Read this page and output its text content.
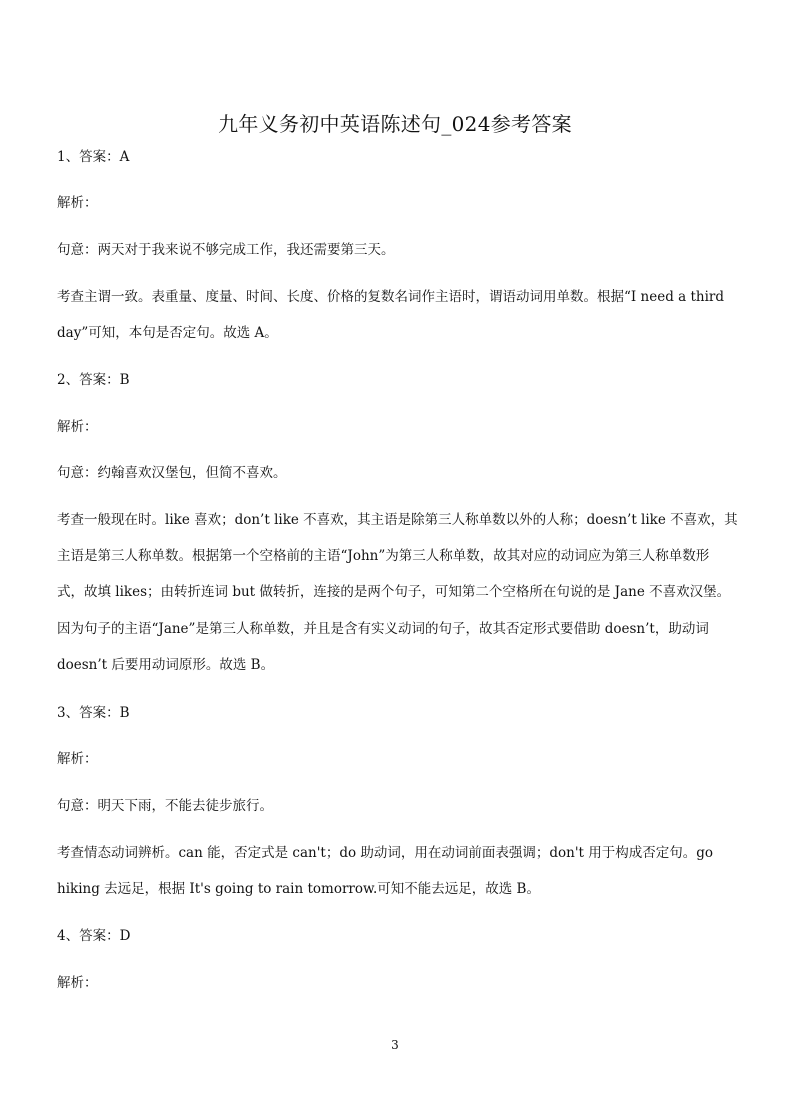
九年义务初中英语陈述句_024参考答案
1、答案：A
解析：
句意：两天对于我来说不够完成工作，我还需要第三天。
考查主谓一致。表重量、度量、时间、长度、价格的复数名词作主语时，谓语动词用单数。根据“I need a third
day”可知，本句是否定句。故选 A。
2、答案：B
解析：
句意：约翰喜欢汉堡包，但简不喜欢。
考查一般现在时。like 喜欢；don’t like 不喜欢，其主语是除第三人称单数以外的人称；doesn’t like 不喜欢，其
主语是第三人称单数。根据第一个空格前的主语“John”为第三人称单数，故其对应的动词应为第三人称单数形
式，故填 likes；由转折连词 but 做转折，连接的是两个句子，可知第二个空格所在句说的是 Jane 不喜欢汉堡。
因为句子的主语“Jane”是第三人称单数，并且是含有实义动词的句子，故其否定形式要借助 doesn’t，助动词
doesn’t 后要用动词原形。故选 B。
3、答案：B
解析：
句意：明天下雨，不能去徒步旅行。
考查情态动词辨析。can 能，否定式是 can't；do 助动词，用在动词前面表强调；don't 用于构成否定句。go
hiking 去远足，根据 It's going to rain tomorrow.可知不能去远足，故选 B。
4、答案：D
解析：
3
